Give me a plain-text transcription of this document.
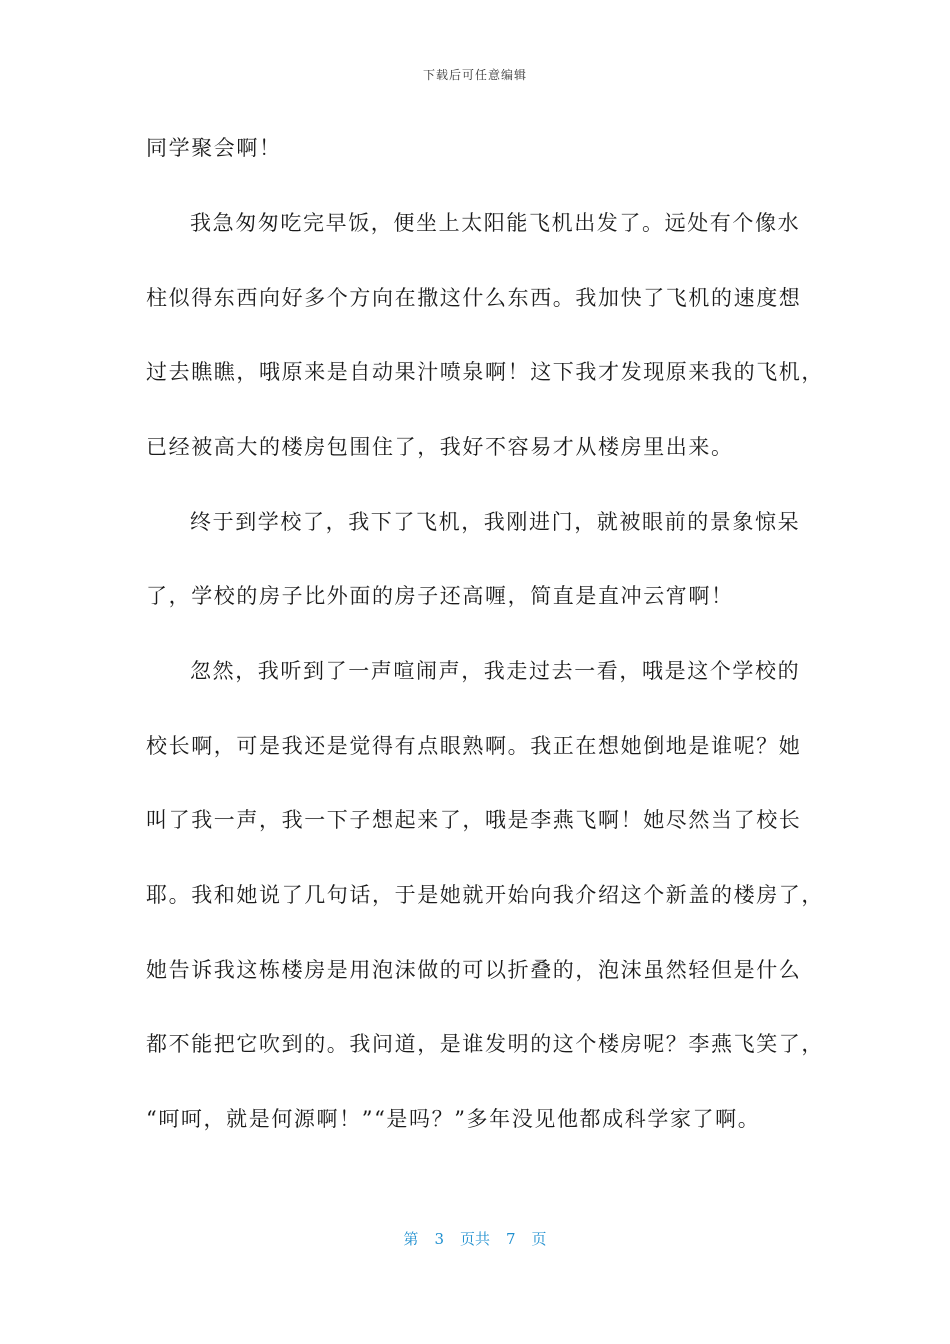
下载后可任意编辑
同学聚会啊！
我急匆匆吃完早饭，便坐上太阳能飞机出发了。远处有个像水
柱似得东西向好多个方向在撒这什么东西。我加快了飞机的速度想
过去瞧瞧，哦原来是自动果汁喷泉啊！这下我才发现原来我的飞机，
已经被高大的楼房包围住了，我好不容易才从楼房里出来。
终于到学校了，我下了飞机，我刚进门，就被眼前的景象惊呆
了，学校的房子比外面的房子还高喱，简直是直冲云宵啊！
忽然，我听到了一声喧闹声，我走过去一看，哦是这个学校的
校长啊，可是我还是觉得有点眼熟啊。我正在想她倒地是谁呢？她
叫了我一声，我一下子想起来了，哦是李燕飞啊！她尽然当了校长
耶。我和她说了几句话，于是她就开始向我介绍这个新盖的楼房了，
她告诉我这栋楼房是用泡沫做的可以折叠的，泡沫虽然轻但是什么
都不能把它吹到的。我问道，是谁发明的这个楼房呢？李燕飞笑了，
“呵呵，就是何源啊！”“是吗？”多年没见他都成科学家了啊。
第 3 页共 7 页
